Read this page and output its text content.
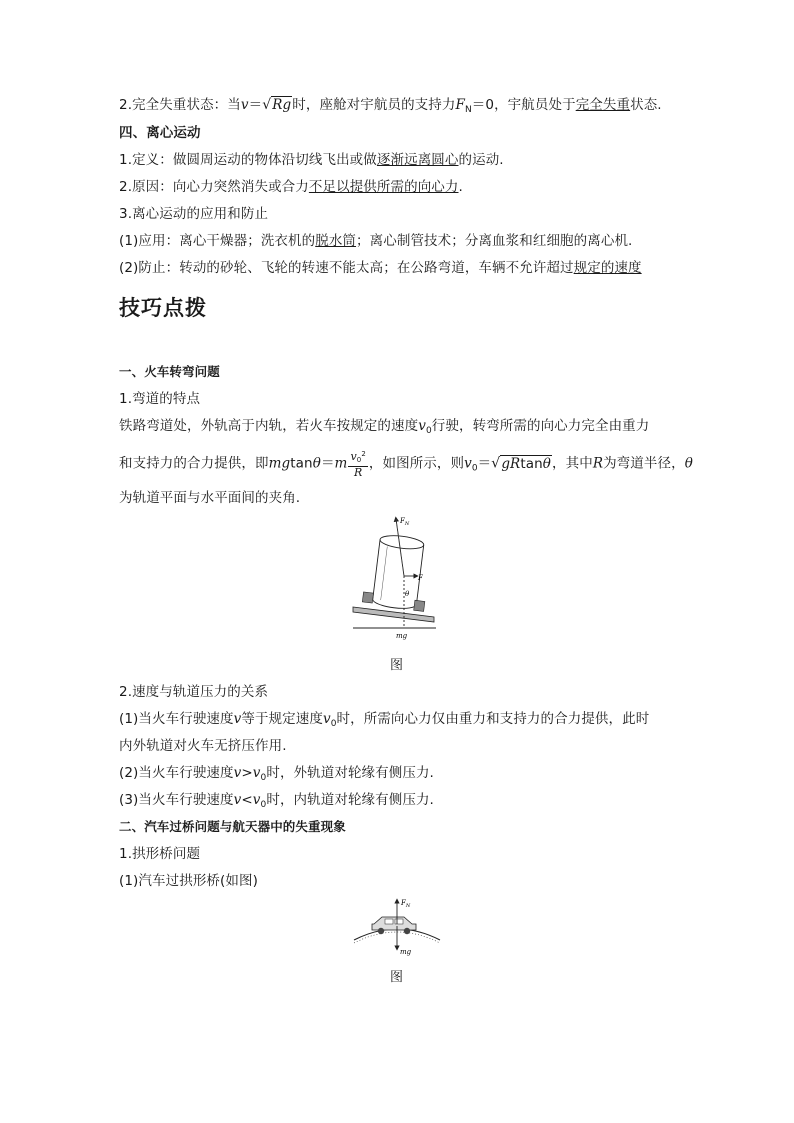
2.完全失重状态：当v＝√Rg时，座舱对宇航员的支持力$F_N=0$，宇航员处于完全失重状态.
四、离心运动
1.定义：做圆周运动的物体沿切线飞出或做逐渐远离圆心的运动.
2.原因：向心力突然消失或合力不足以提供所需的向心力.
3.离心运动的应用和防止
(1)应用：离心干燥器；洗衣机的脱水筒；离心制管技术；分离血浆和红细胞的离心机.
(2)防止：转动的砂轮、飞轮的转速不能太高；在公路弯道，车辆不允许超过规定的速度
技巧点拨
一、火车转弯问题
1.弯道的特点
铁路弯道处，外轨高于内轨，若火车按规定的速度$v_0$行驶，转弯所需的向心力完全由重力
和支持力的合力提供，即$mgtan\theta=m \frac{v0^2}{R}$ ，如图所示，则$v_0=√gRtan\theta$，其中R为弯道半径，θ
为轨道平面与水平面间的夹角.
$F_N$
F
θ
mg
图
2.速度与轨道压力的关系
(1)当火车行驶速度v等于规定速度$v_0$时，所需向心力仅由重力和支持力的合力提供，此时
内外轨道对火车无挤压作用.
(2)当火车行驶速度$v>v_0$时，外轨道对轮缘有侧压力.
(3)当火车行驶速度$v<v_0$时，内轨道对轮缘有侧压力.
二、汽车过桥问题与航天器中的失重现象
1.拱形桥问题
(1)汽车过拱形桥(如图)
$F_N$
mg
图
